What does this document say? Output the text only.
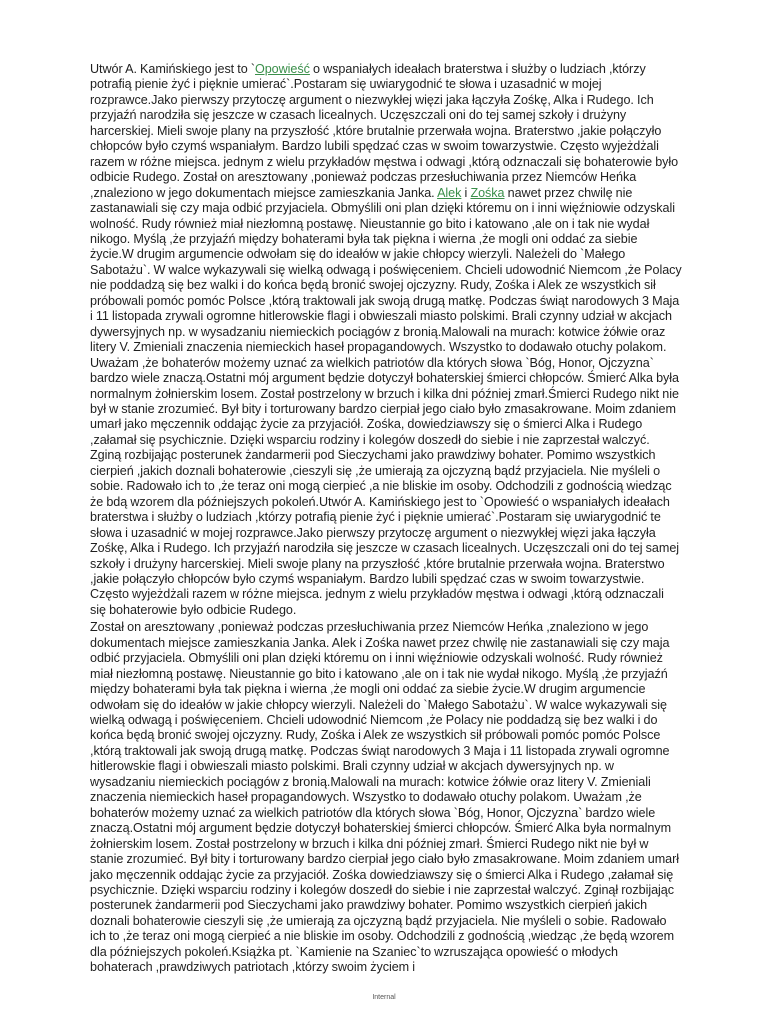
Utwór A. Kamińskiego jest to `Opowieść o wspaniałych ideałach braterstwa i służby o ludziach ,którzy potrafią pienie żyć i pięknie umierać`.Postaram się uwiarygodnić te słowa i uzasadnić w mojej rozprawce.Jako pierwszy przytoczę argument o niezwykłej więzi jaka łączyła Zośkę, Alka i Rudego. Ich przyjaźń narodziła się jeszcze w czasach licealnych. Uczęszczali oni do tej samej szkoły i drużyny harcerskiej. Mieli swoje plany na przyszłość ,które brutalnie przerwała wojna. Braterstwo ,jakie połączyło chłopców było czymś wspaniałym. Bardzo lubili spędzać czas w swoim towarzystwie. Często wyjeżdżali razem w różne miejsca. jednym z wielu przykładów męstwa i odwagi ,którą odznaczali się bohaterowie było odbicie Rudego. Został on aresztowany ,ponieważ podczas przesłuchiwania przez Niemców Heńka ,znaleziono w jego dokumentach miejsce zamieszkania Janka. Alek i Zośka nawet przez chwilę nie zastanawiali się czy maja odbić przyjaciela. Obmyślili oni plan dzięki któremu on i inni więźniowie odzyskali wolność. Rudy również miał niezłomną postawę. Nieustannie go bito i katowano ,ale on i tak nie wydał nikogo. Myślą ,że przyjaźń między bohaterami była tak piękna i wierna ,że mogli oni oddać za siebie życie.W drugim argumencie odwołam się do ideałów w jakie chłopcy wierzyli. Należeli do `Małego Sabotażu`. W walce wykazywali się wielką odwagą i poświęceniem. Chcieli udowodnić Niemcom ,że Polacy nie poddadzą się bez walki i do końca będą bronić swojej ojczyzny. Rudy, Zośka i Alek ze wszystkich sił próbowali pomóc pomóc Polsce ,którą traktowali jak swoją drugą matkę. Podczas świąt narodowych 3 Maja i 11 listopada zrywali ogromne hitlerowskie flagi i obwieszali miasto polskimi. Brali czynny udział w akcjach dywersyjnych np. w wysadzaniu niemieckich pociągów z bronią.Malowali na murach: kotwice żółwie oraz litery V. Zmieniali znaczenia niemieckich haseł propagandowych. Wszystko to dodawało otuchy polakom. Uważam ,że bohaterów możemy uznać za wielkich patriotów dla których słowa `Bóg, Honor, Ojczyzna` bardzo wiele znaczą.Ostatni mój argument będzie dotyczył bohaterskiej śmierci chłopców. Śmierć Alka była normalnym żołnierskim losem. Został postrzelony w brzuch i kilka dni później zmarł.Śmierci Rudego nikt nie był w stanie zrozumieć. Był bity i torturowany bardzo cierpiał jego ciało było zmasakrowane. Moim zdaniem umarł jako męczennik oddając życie za przyjaciół. Zośka, dowiedziawszy się o śmierci Alka i Rudego ,załamał się psychicznie. Dzięki wsparciu rodziny i kolegów doszedł do siebie i nie zaprzestał walczyć. Zginą rozbijając posterunek żandarmerii pod Sieczychami jako prawdziwy bohater. Pomimo wszystkich cierpień ,jakich doznali bohaterowie ,cieszyli się ,że umierają za ojczyzną bądź przyjaciela. Nie myśleli o sobie. Radowało ich to ,że teraz oni mogą cierpieć ,a nie bliskie im osoby. Odchodzili z godnością wiedząc że bdą wzorem dla późniejszych pokoleń.Utwór A. Kamińskiego jest to `Opowieść o wspaniałych ideałach braterstwa i służby o ludziach ,którzy potrafią pienie żyć i pięknie umierać`.Postaram się uwiarygodnić te słowa i uzasadnić w mojej rozprawce.Jako pierwszy przytoczę argument o niezwykłej więzi jaka łączyła Zośkę, Alka i Rudego. Ich przyjaźń narodziła się jeszcze w czasach licealnych. Uczęszczali oni do tej samej szkoły i drużyny harcerskiej. Mieli swoje plany na przyszłość ,które brutalnie przerwała wojna. Braterstwo ,jakie połączyło chłopców było czymś wspaniałym. Bardzo lubili spędzać czas w swoim towarzystwie. Często wyjeżdżali razem w różne miejsca. jednym z wielu przykładów męstwa i odwagi ,którą odznaczali się bohaterowie było odbicie Rudego.

Został on aresztowany ,ponieważ podczas przesłuchiwania przez Niemców Heńka ,znaleziono w jego dokumentach miejsce zamieszkania Janka. Alek i Zośka nawet przez chwilę nie zastanawiali się czy maja odbić przyjaciela. Obmyślili oni plan dzięki któremu on i inni więźniowie odzyskali wolność. Rudy również miał niezłomną postawę. Nieustannie go bito i katowano ,ale on i tak nie wydał nikogo. Myślą ,że przyjaźń między bohaterami była tak piękna i wierna ,że mogli oni oddać za siebie życie.W drugim argumencie odwołam się do ideałów w jakie chłopcy wierzyli. Należeli do `Małego Sabotażu`. W walce wykazywali się wielką odwagą i poświęceniem. Chcieli udowodnić Niemcom ,że Polacy nie poddadzą się bez walki i do końca będą bronić swojej ojczyzny. Rudy, Zośka i Alek ze wszystkich sił próbowali pomóc pomóc Polsce ,którą traktowali jak swoją drugą matkę. Podczas świąt narodowych 3 Maja i 11 listopada zrywali ogromne hitlerowskie flagi i obwieszali miasto polskimi. Brali czynny udział w akcjach dywersyjnych np. w wysadzaniu niemieckich pociągów z bronią.Malowali na murach: kotwice żółwie oraz litery V. Zmieniali znaczenia niemieckich haseł propagandowych. Wszystko to dodawało otuchy polakom. Uważam ,że bohaterów możemy uznać za wielkich patriotów dla których słowa `Bóg, Honor, Ojczyzna` bardzo wiele znaczą.Ostatni mój argument będzie dotyczył bohaterskiej śmierci chłopców. Śmierć Alka była normalnym żołnierskim losem. Został postrzelony w brzuch i kilka dni później zmarł. Śmierci Rudego nikt nie był w stanie zrozumieć. Był bity i torturowany bardzo cierpiał jego ciało było zmasakrowane. Moim zdaniem umarł jako męczennik oddając życie za przyjaciół. Zośka dowiedziawszy się o śmierci Alka i Rudego ,załamał się psychicznie. Dzięki wsparciu rodziny i kolegów doszedł do siebie i nie zaprzestał walczyć. Zginął rozbijając posterunek żandarmerii pod Sieczychami jako prawdziwy bohater. Pomimo wszystkich cierpień jakich doznali bohaterowie cieszyli się ,że umierają za ojczyzną bądź przyjaciela. Nie myśleli o sobie. Radowało ich to ,że teraz oni mogą cierpieć a nie bliskie im osoby. Odchodzili z godnością ,wiedząc ,że będą wzorem dla późniejszych pokoleń.Książka pt. `Kamienie na Szaniec`to wzruszająca opowieść o młodych bohaterach ,prawdziwych patriotach ,którzy swoim życiem i

Internal
